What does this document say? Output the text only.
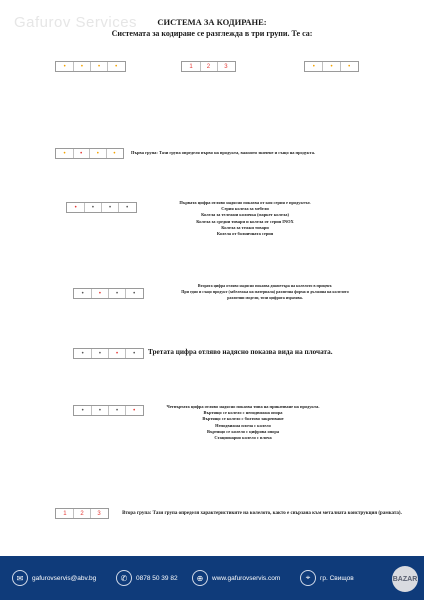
Gafurov Services	СИСТЕМА ЗА КОДИРАНЕ:
Системата за кодиране се разглежда в три групи. Те са:
•	•	•	•	1 2 3	•	•	•
• • • •	Първа група: Тази група определя първо на продукта, важното значене и също на продукта.
•	•	•	•
Първата цифра отляво надясно показва от коя серия е продуктът.
Серия колела за мебели
Колела за тележни количка (маркет колела)
Колела за средни товари и колела от серия INOX
Колела за тежки товари
Колела от болничната серия
•	•	•	•
Втората цифра отляво надясно показва диаметъра на колелото в процент.
При едно и също продукт (забележка на материала) различна форма и дължина на колелото
различни модели, този цифрата изразява.
•	•	•	• Третата цифра отляво надясно показва вида на плочата.
•	•	•	•
Четвъртата цифра отляво надясно показва типа на прикачване на продукта.
Въртящо се колело с неподвижна опора
Въртящо се колело с болтово закрепване
Неподвижна плоча с колело
Въртящо се колело с цифрова опора
Стационарно колело с плоча
1 2 3	Втора група: Тази група определя характеристиките на колелото, както е свързана към металната конструкция (рамката).
✉	gafurovservis@abv.bg	✆	0878 50 39 82	⊕	www.gafurovservis.com	⌖	гр. Свищов	BAZAR
